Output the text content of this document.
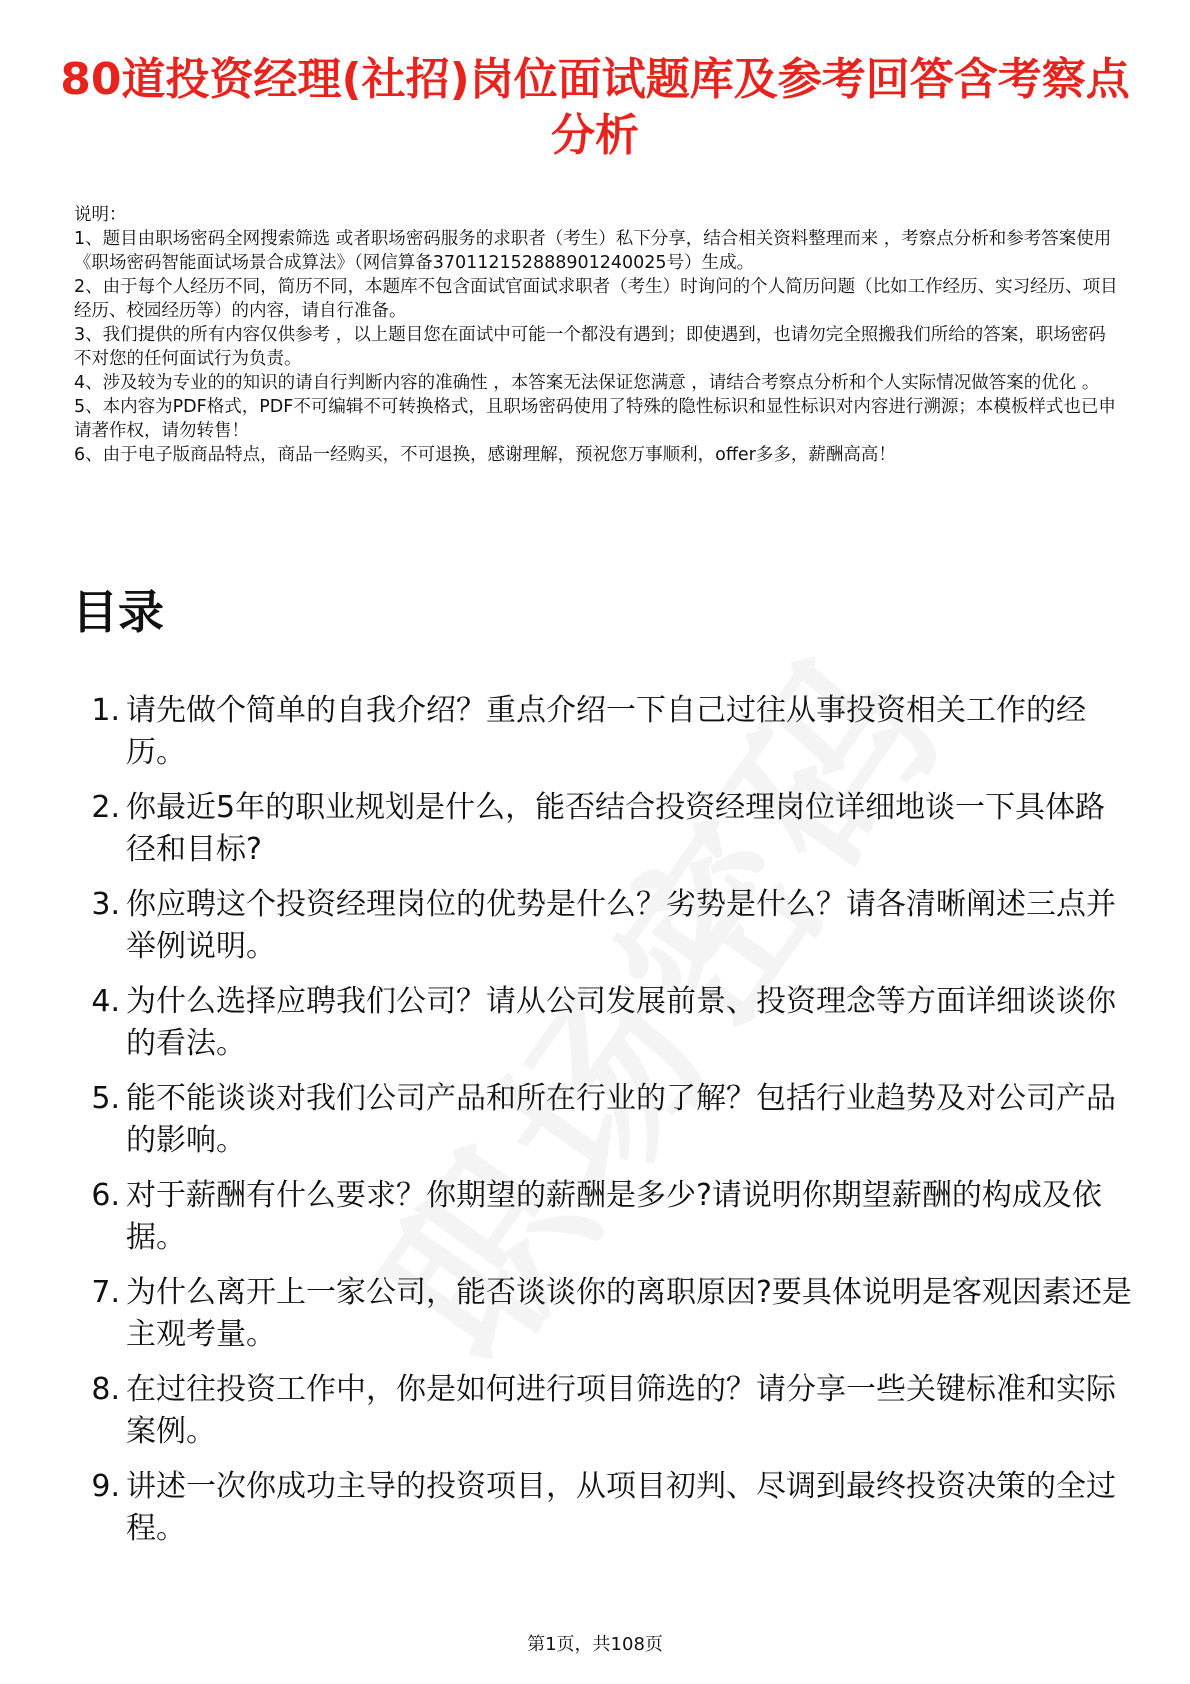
80道投资经理(社招)岗位面试题库及参考回答含考察点分析

说明：

1、题目由职场密码全网搜索筛选 或者职场密码服务的求职者（考生）私下分享，结合相关资料整理而来 ，考察点分析和参考答案使用《职场密码智能面试场景合成算法》（网信算备370112152888901240025号）生成。

2、由于每个人经历不同，简历不同，本题库不包含面试官面试求职者（考生）时询问的个人简历问题（比如工作经历、实习经历、项目经历、校园经历等）的内容，请自行准备。

3、我们提供的所有内容仅供参考 ，以上题目您在面试中可能一个都没有遇到；即使遇到，也请勿完全照搬我们所给的答案，职场密码不对您的任何面试行为负责。

4、涉及较为专业的的知识的请自行判断内容的准确性 ，本答案无法保证您满意 ，请结合考察点分析和个人实际情况做答案的优化 。

5、本内容为PDF格式，PDF不可编辑不可转换格式，且职场密码使用了特殊的隐性标识和显性标识对内容进行溯源；本模板样式也已申请著作权，请勿转售！

6、由于电子版商品特点，商品一经购买，不可退换，感谢理解，预祝您万事顺利，offer多多，薪酬高高！

目录
1. 请先做个简单的自我介绍？重点介绍一下自己过往从事投资相关工作的经历。
2. 你最近5年的职业规划是什么，能否结合投资经理岗位详细地谈一下具体路径和目标?
3. 你应聘这个投资经理岗位的优势是什么？劣势是什么？请各清晰阐述三点并举例说明。
4. 为什么选择应聘我们公司？请从公司发展前景、投资理念等方面详细谈谈你的看法。
5. 能不能谈谈对我们公司产品和所在行业的了解？包括行业趋势及对公司产品的影响。
6. 对于薪酬有什么要求？你期望的薪酬是多少?请说明你期望薪酬的构成及依据。
7. 为什么离开上一家公司，能否谈谈你的离职原因?要具体说明是客观因素还是主观考量。
8. 在过往投资工作中，你是如何进行项目筛选的？请分享一些关键标准和实际案例。
9. 讲述一次你成功主导的投资项目，从项目初判、尽调到最终投资决策的全过程。
第1页，共108页
